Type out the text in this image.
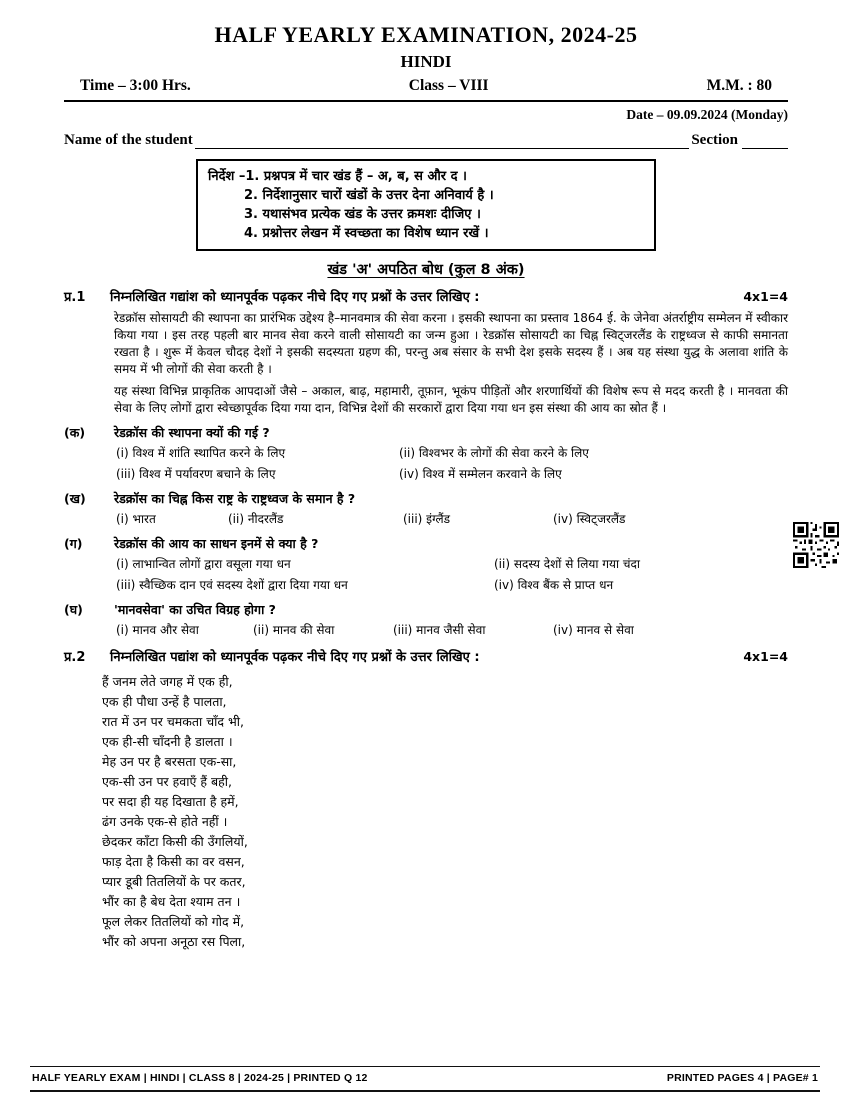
HALF YEARLY EXAMINATION, 2024-25
HINDI
Time – 3:00 Hrs.	Class – VIII	M.M. : 80
Date – 09.09.2024 (Monday)
Name of the student	Section
निर्देश –1. प्रश्नपत्र में चार खंड हैं – अ, ब, स और द ।
2. निर्देशानुसार चारों खंडों के उत्तर देना अनिवार्य है ।
3. यथासंभव प्रत्येक खंड के उत्तर क्रमशः दीजिए ।
4. प्रश्नोत्तर लेखन में स्वच्छता का विशेष ध्यान रखें ।
खंड 'अ' अपठित बोध (कुल 8 अंक)
प्र.1	निम्नलिखित गद्यांश को ध्यानपूर्वक पढ़कर नीचे दिए गए प्रश्नों के उत्तर लिखिए :	4x1=4

रेडक्रॉस सोसायटी की स्थापना का प्रारंभिक उद्देश्य है–मानवमात्र की सेवा करना । इसकी स्थापना का प्रस्ताव 1864 ई. के जेनेवा अंतर्राष्ट्रीय सम्मेलन में स्वीकार किया गया । इस तरह पहली बार मानव सेवा करने वाली सोसायटी का जन्म हुआ । रेडक्रॉस सोसायटी का चिह्न स्विट्जरलैंड के राष्ट्रध्वज से काफी समानता रखता है । शुरू में केवल चौदह देशों ने इसकी सदस्यता ग्रहण की, परन्तु अब संसार के सभी देश इसके सदस्य हैं । अब यह संस्था युद्ध के अलावा शांति के समय में भी लोगों की सेवा करती है ।

यह संस्था विभिन्न प्राकृतिक आपदाओं जैसे – अकाल, बाढ़, महामारी, तूफ़ान, भूकंप पीड़ितों और शरणार्थियों की विशेष रूप से मदद करती है । मानवता की सेवा के लिए लोगों द्वारा स्वेच्छापूर्वक दिया गया दान, विभिन्न देशों की सरकारों द्वारा दिया गया धन इस संस्था की आय का स्रोत हैं ।

(क)	रेडक्रॉस की स्थापना क्यों की गई ?
(i) विश्व में शांति स्थापित करने के लिए	(ii) विश्वभर के लोगों की सेवा करने के लिए
(iii) विश्व में पर्यावरण बचाने के लिए	(iv) विश्व में सम्मेलन करवाने के लिए
(ख)	रेडक्रॉस का चिह्न किस राष्ट्र के राष्ट्रध्वज के समान है ?
(i) भारत	(ii) नीदरलैंड	(iii) इंग्लैंड	(iv) स्विट्जरलैंड
(ग)	रेडक्रॉस की आय का साधन इनमें से क्या है ?
(i) लाभान्वित लोगों द्वारा वसूला गया धन	(ii) सदस्य देशों से लिया गया चंदा
(iii) स्वैच्छिक दान एवं सदस्य देशों द्वारा दिया गया धन	(iv) विश्व बैंक से प्राप्त धन
(घ)	'मानवसेवा' का उचित विग्रह होगा ?
(i) मानव और सेवा	(ii) मानव की सेवा	(iii) मानव जैसी सेवा	(iv) मानव से सेवा
प्र.2	निम्नलिखित पद्यांश को ध्यानपूर्वक पढ़कर नीचे दिए गए प्रश्नों के उत्तर लिखिए :	4x1=4
हैं जनम लेते जगह में एक ही,
एक ही पौधा उन्हें है पालता,
रात में उन पर चमकता चाँद भी,
एक ही-सी चाँदनी है डालता ।
मेह उन पर है बरसता एक-सा,
एक-सी उन पर हवाएँ हैं बही,
पर सदा ही यह दिखाता है हमें,
ढंग उनके एक-से होते नहीं ।
छेदकर काँटा किसी की उँगलियों,
फाड़ देता है किसी का वर वसन,
प्यार डूबी तितलियों के पर कतर,
भौंर का है बेध देता श्याम तन ।
फूल लेकर तितलियों को गोद में,
भौंर को अपना अनूठा रस पिला,
HALF YEARLY EXAM | HINDI | CLASS 8 | 2024-25 | PRINTED Q 12	PRINTED PAGES 4 | PAGE# 1
